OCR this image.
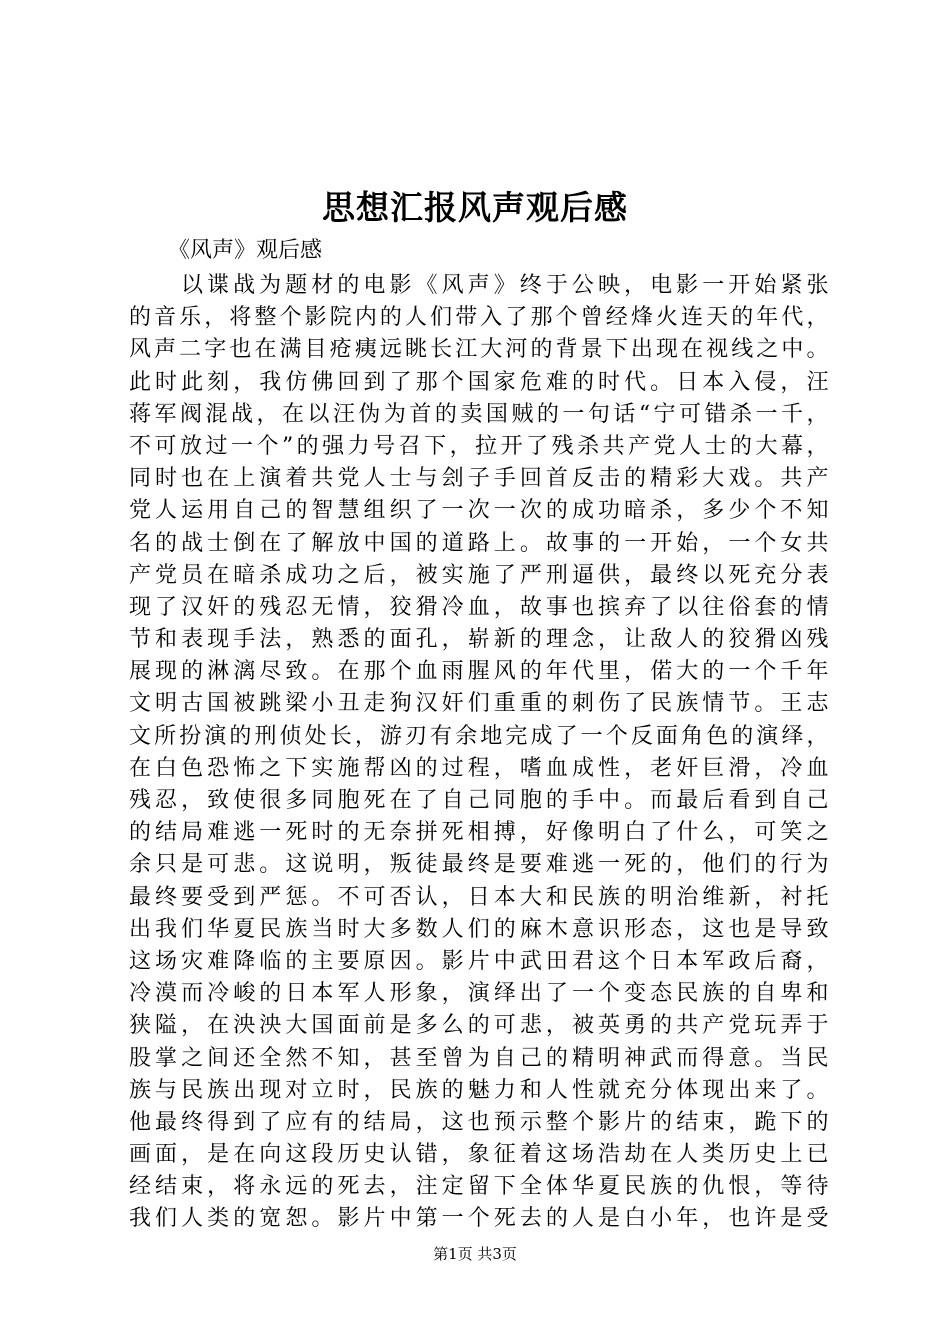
思想汇报风声观后感
《风声》观后感
以谍战为题材的电影《风声》终于公映，电影一开始紧张
的音乐，将整个影院内的人们带入了那个曾经烽火连天的年代，
风声二字也在满目疮痍远眺长江大河的背景下出现在视线之中。
此时此刻，我仿佛回到了那个国家危难的时代。日本入侵，汪
蒋军阀混战，在以汪伪为首的卖国贼的一句话“宁可错杀一千，
不可放过一个”的强力号召下，拉开了残杀共产党人士的大幕，
同时也在上演着共党人士与刽子手回首反击的精彩大戏。共产
党人运用自己的智慧组织了一次一次的成功暗杀，多少个不知
名的战士倒在了解放中国的道路上。故事的一开始，一个女共
产党员在暗杀成功之后，被实施了严刑逼供，最终以死充分表
现了汉奸的残忍无情，狡猾冷血，故事也摈弃了以往俗套的情
节和表现手法，熟悉的面孔，崭新的理念，让敌人的狡猾凶残
展现的淋漓尽致。在那个血雨腥风的年代里，偌大的一个千年
文明古国被跳梁小丑走狗汉奸们重重的刺伤了民族情节。王志
文所扮演的刑侦处长，游刃有余地完成了一个反面角色的演绎，
在白色恐怖之下实施帮凶的过程，嗜血成性，老奸巨滑，冷血
残忍，致使很多同胞死在了自己同胞的手中。而最后看到自己
的结局难逃一死时的无奈拼死相搏，好像明白了什么，可笑之
余只是可悲。这说明，叛徒最终是要难逃一死的，他们的行为
最终要受到严惩。不可否认，日本大和民族的明治维新，衬托
出我们华夏民族当时大多数人们的麻木意识形态，这也是导致
这场灾难降临的主要原因。影片中武田君这个日本军政后裔，
冷漠而冷峻的日本军人形象，演绎出了一个变态民族的自卑和
狭隘，在泱泱大国面前是多么的可悲，被英勇的共产党玩弄于
股掌之间还全然不知，甚至曾为自己的精明神武而得意。当民
族与民族出现对立时，民族的魅力和人性就充分体现出来了。
他最终得到了应有的结局，这也预示整个影片的结束，跪下的
画面，是在向这段历史认错，象征着这场浩劫在人类历史上已
经结束，将永远的死去，注定留下全体华夏民族的仇恨，等待
我们人类的宽恕。影片中第一个死去的人是白小年，也许是受
第1页 共3页
